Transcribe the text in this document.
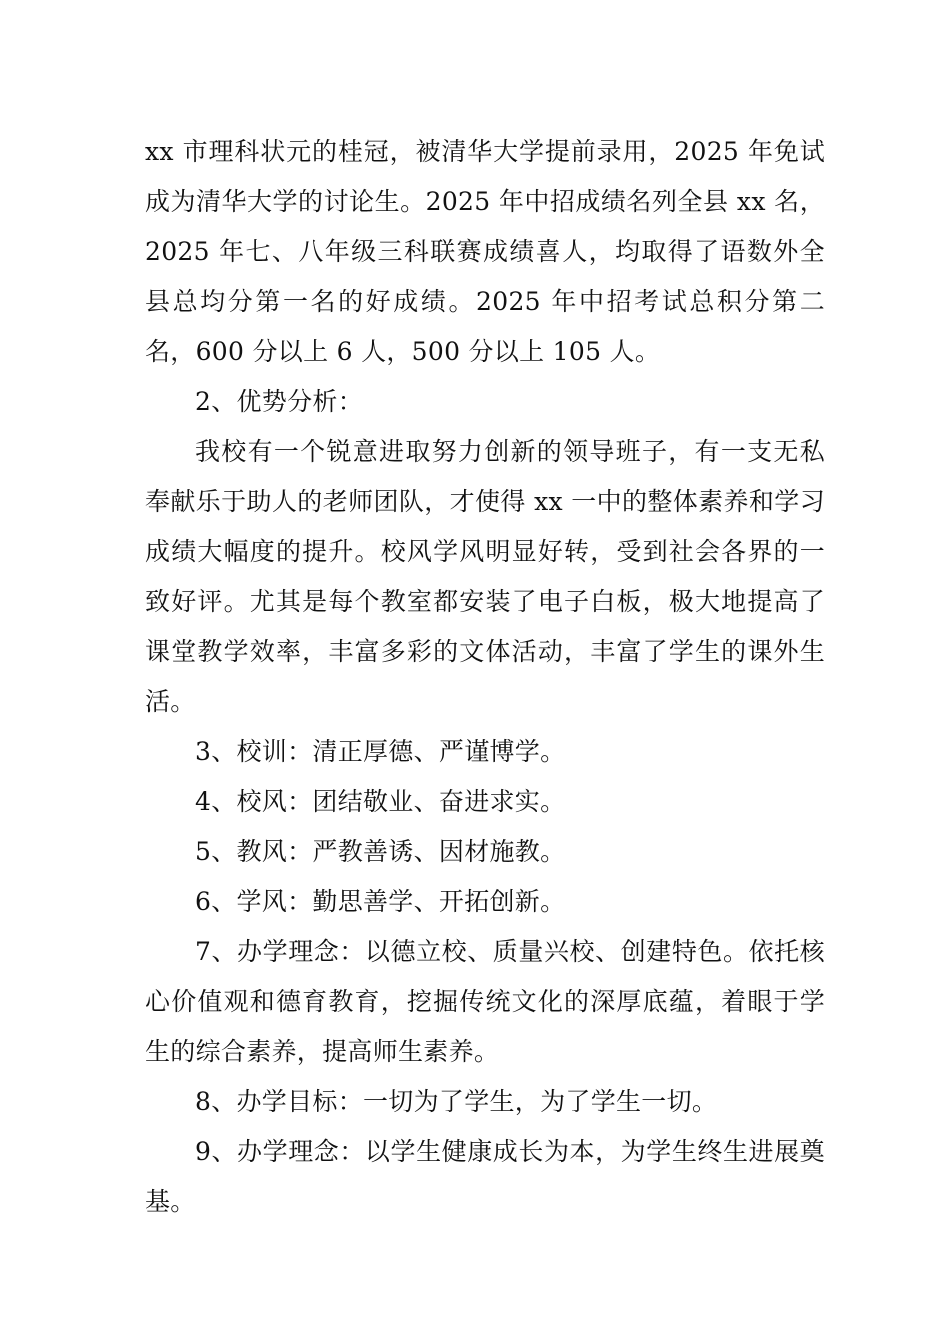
xx 市理科状元的桂冠，被清华大学提前录用，2025 年免试成为清华大学的讨论生。2025 年中招成绩名列全县 xx 名，2025 年七、八年级三科联赛成绩喜人，均取得了语数外全县总均分第一名的好成绩。2025 年中招考试总积分第二名，600 分以上 6 人，500 分以上 105 人。

2、优势分析：

我校有一个锐意进取努力创新的领导班子，有一支无私奉献乐于助人的老师团队，才使得 xx 一中的整体素养和学习成绩大幅度的提升。校风学风明显好转，受到社会各界的一致好评。尤其是每个教室都安装了电子白板，极大地提高了课堂教学效率，丰富多彩的文体活动，丰富了学生的课外生活。

3、校训：清正厚德、严谨博学。

4、校风：团结敬业、奋进求实。

5、教风：严教善诱、因材施教。

6、学风：勤思善学、开拓创新。

7、办学理念：以德立校、质量兴校、创建特色。依托核心价值观和德育教育，挖掘传统文化的深厚底蕴，着眼于学生的综合素养，提高师生素养。

8、办学目标：一切为了学生，为了学生一切。

9、办学理念：以学生健康成长为本，为学生终生进展奠基。
